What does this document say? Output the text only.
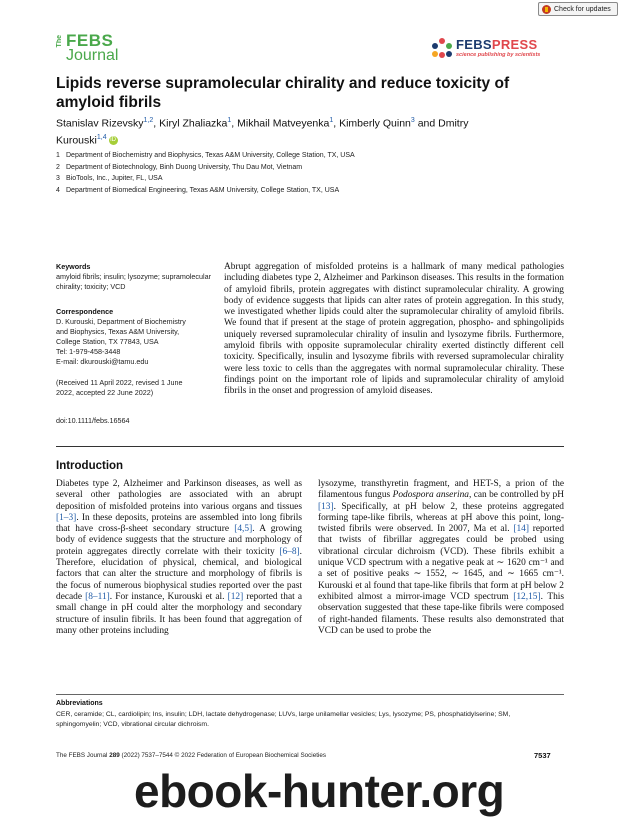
Check for updates
The FEBS
Journal
FEBSPRESS
science publishing by scientists
Lipids reverse supramolecular chirality and reduce toxicity of amyloid fibrils
Stanislav Rizevsky$^{1,2}$, Kiryl Zhaliazka$^1$, Mikhail Matveyenka$^1$, Kimberly Quinn$^3$ and Dmitry Kurouski$^{1,4}$ iD
1 Department of Biochemistry and Biophysics, Texas A&M University, College Station, TX, USA
2 Department of Biotechnology, Binh Duong University, Thu Dau Mot, Vietnam
3 BioTools, Inc., Jupiter, FL, USA
4 Department of Biomedical Engineering, Texas A&M University, College Station, TX, USA
Keywords
amyloid fibrils; insulin; lysozyme; supramolecular chirality; toxicity; VCD
Correspondence
D. Kurouski, Department of Biochemistry
and Biophysics, Texas A&M University,
College Station, TX 77843, USA
Tel: 1-979-458-3448
E-mail: dkurouski@tamu.edu
(Received 11 April 2022, revised 1 June
2022, accepted 22 June 2022)
doi:10.1111/febs.16564
Abrupt aggregation of misfolded proteins is a hallmark of many medical pathologies including diabetes type 2, Alzheimer and Parkinson diseases. This results in the formation of amyloid fibrils, protein aggregates with distinct supramolecular chirality. A growing body of evidence suggests that lipids can alter rates of protein aggregation. In this study, we investigated whether lipids could alter the supramolecular chirality of amyloid fibrils. We found that if present at the stage of protein aggregation, phospho- and sphingolipids uniquely reversed supramolecular chirality of insulin and lysozyme fibrils. Furthermore, amyloid fibrils with opposite supramolecular chirality exerted distinctly different cell toxicity. Specifically, insulin and lysozyme fibrils with reversed supramolecular chirality were less toxic to cells than the aggregates with normal supramolecular chirality. These findings point on the important role of lipids and supramolecular chirality of amyloid fibrils in the onset and progression of amyloid diseases.
Introduction
Diabetes type 2, Alzheimer and Parkinson diseases, as well as several other pathologies are associated with an abrupt deposition of misfolded proteins into various organs and tissues [1–3]. In these deposits, proteins are assembled into long fibrils that have cross-β-sheet secondary structure [4,5]. A growing body of evidence suggests that the structure and morphology of protein aggregates directly correlate with their toxicity [6–8]. Therefore, elucidation of physical, chemical, and biological factors that can alter the structure and morphology of fibrils is the focus of numerous biophysical studies reported over the past decade [8–11]. For instance, Kurouski et al. [12] reported that a small change in pH could alter the morphology and secondary structure of insulin fibrils. It has been found that aggregation of many other proteins including
lysozyme, transthyretin fragment, and HET-S, a prion of the filamentous fungus Podospora anserina, can be controlled by pH [13]. Specifically, at pH below 2, these proteins aggregated forming tape-like fibrils, whereas at pH above this point, long-twisted fibrils were observed. In 2007, Ma et al. [14] reported that twists of fibrillar aggregates could be probed using vibrational circular dichroism (VCD). These fibrils exhibit a unique VCD spectrum with a negative peak at ∼ 1620 cm⁻¹ and a set of positive peaks ∼ 1552, ∼ 1645, and ∼ 1665 cm⁻¹. Kurouski et al found that tape-like fibrils that form at pH below 2 exhibited almost a mirror-image VCD spectrum [12,15]. This observation suggested that these tape-like fibrils were composed of right-handed filaments. These results also demonstrated that VCD can be used to probe the
Abbreviations
CER, ceramide; CL, cardiolipin; Ins, insulin; LDH, lactate dehydrogenase; LUVs, large unilamellar vesicles; Lys, lysozyme; PS, phosphatidylserine; SM, sphingomyelin; VCD, vibrational circular dichroism.
The FEBS Journal 289 (2022) 7537–7544 © 2022 Federation of European Biochemical Societies	7537
ebook-hunter.org
